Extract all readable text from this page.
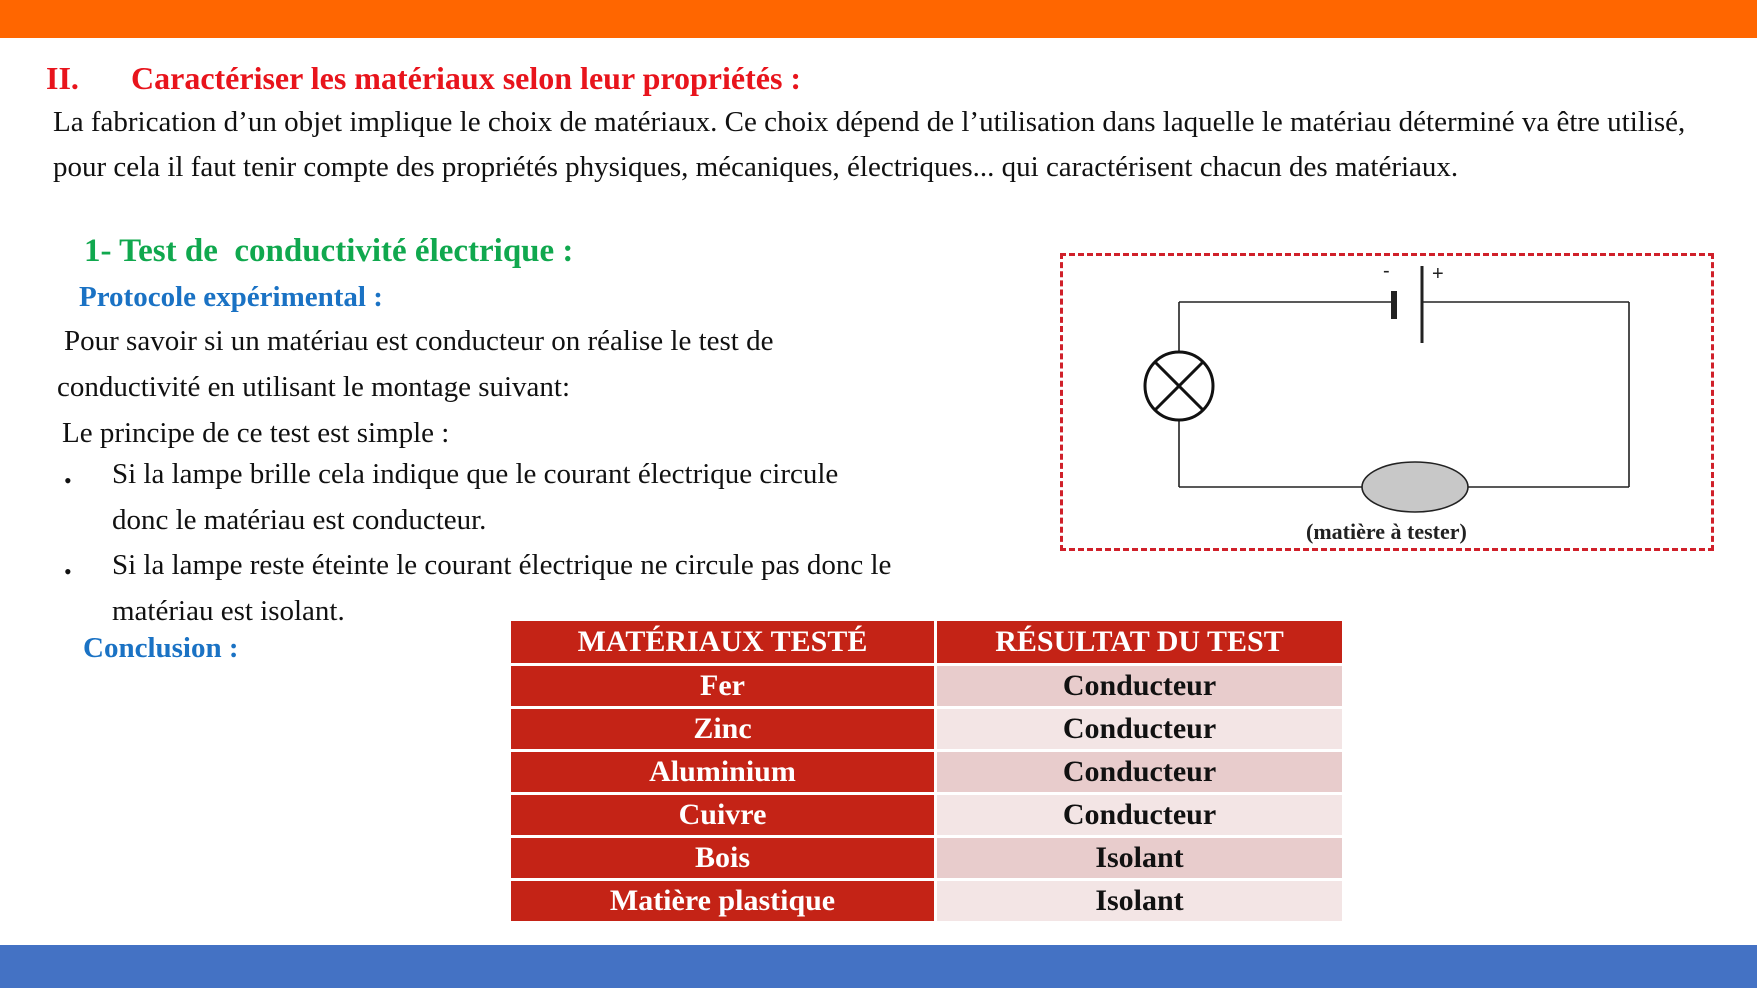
II. Caractériser les matériaux selon leur propriétés :

La fabrication d’un objet implique le choix de matériaux. Ce choix dépend de l’utilisation dans laquelle le matériau déterminé va être utilisé, pour cela il faut tenir compte des propriétés physiques, mécaniques, électriques... qui caractérisent chacun des matériaux.

1- Test de  conductivité électrique :
Protocole expérimental :
Pour savoir si un matériau est conducteur on réalise le test de
conductivité en utilisant le montage suivant:
Le principe de ce test est simple :
• Si la lampe brille cela indique que le courant électrique circule
donc le matériau est conducteur.
• Si la lampe reste éteinte le courant électrique ne circule pas donc le
matériau est isolant.
Conclusion :
- +
(matière à tester)
MATÉRIAUX TESTÉ	RÉSULTAT DU TEST
Fer	Conducteur
Zinc	Conducteur
Aluminium	Conducteur
Cuivre	Conducteur
Bois	Isolant
Matière plastique	Isolant
